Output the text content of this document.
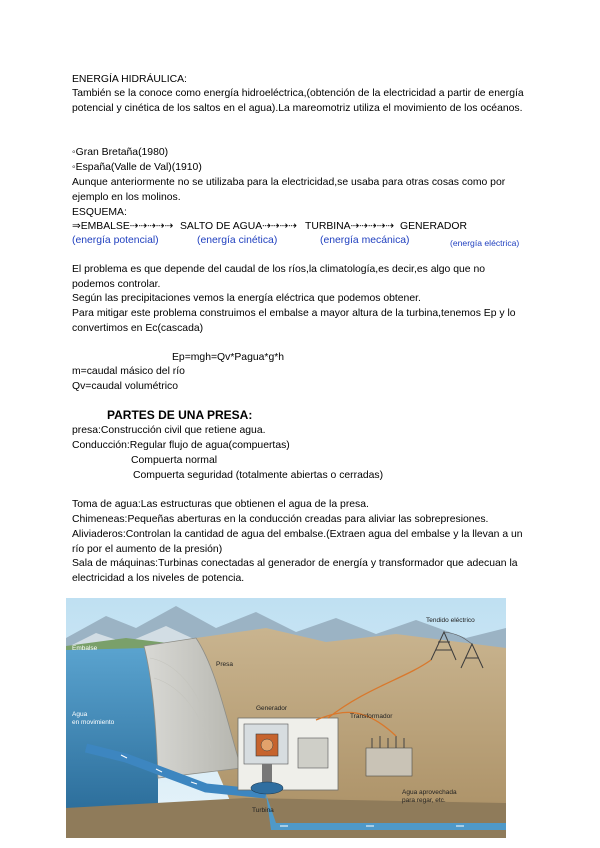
ENERGÍA HIDRÁULICA:
También se la conoce como energía hidroeléctrica,(obtención de la electricidad a partir de energía potencial y cinética de los saltos en el agua).La mareomotriz utiliza el movimiento de los océanos.
◦Gran Bretaña(1980)
◦España(Valle de Val)(1910)
Aunque anteriormente no se utilizaba para la electricidad,se usaba para otras cosas como por ejemplo en los molinos.
ESQUEMA:
⇒EMBALSE⇢⇢⇢⇢⇢ SALTO DE AGUA⇢⇢⇢⇢ TURBINA⇢⇢⇢⇢⇢ GENERADOR
(energía potencial)	(energía cinética)	(energía mecánica)	(energía eléctrica)
El problema es que depende del caudal de los ríos,la climatología,es decir,es algo que no podemos controlar.
Según las precipitaciones vemos la energía eléctrica que podemos obtener.
Para mitigar este problema construimos el embalse a mayor altura de la turbina,tenemos Ep y lo convertimos en Ec(cascada)
Ep=mgh=Qv*Pagua*g*h
m=caudal másico del río
Qv=caudal volumétrico
PARTES DE UNA PRESA:
presa:Construcción civil que retiene agua.
Conducción:Regular flujo de agua(compuertas)
Compuerta normal
Compuerta seguridad (totalmente abiertas o cerradas)
Toma de agua:Las estructuras que obtienen el agua de la presa.
Chimeneas:Pequeñas aberturas en la conducción creadas para aliviar las sobrepresiones.
Aliviaderos:Controlan la cantidad de agua del embalse.(Extraen agua del embalse y la llevan a un río por el aumento de la presión)
Sala de máquinas:Turbinas conectadas al generador de energía y transformador que adecuan la electricidad a los niveles de potencia.
Embalse
Presa
Tendido eléctrico
Agua
en movimiento
Generador
Transformador
Turbina
Agua aprovechada
para regar, etc.
